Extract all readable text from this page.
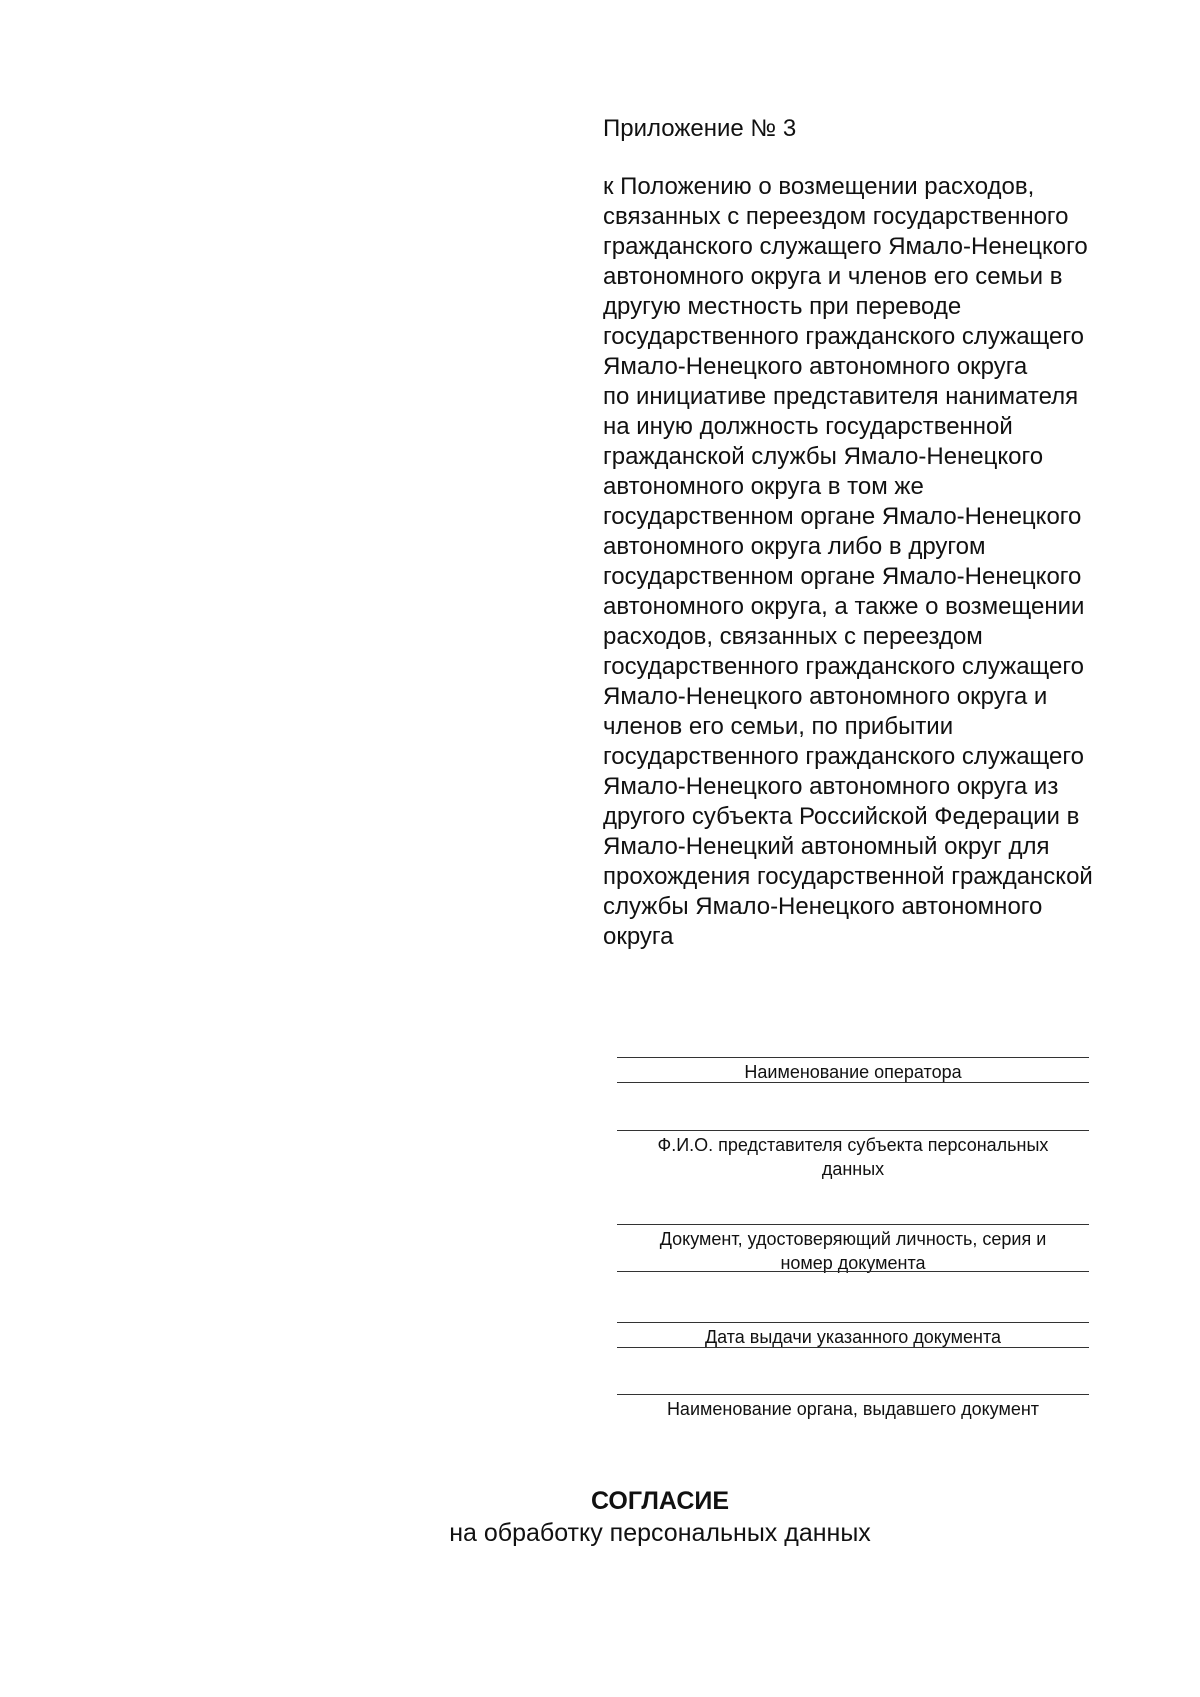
Приложение № 3
к Положению о возмещении расходов,
связанных с переездом государственного
гражданского служащего Ямало-Ненецкого
автономного округа и членов его семьи в
другую местность при переводе
государственного гражданского служащего
Ямало-Ненецкого автономного округа
по инициативе представителя нанимателя
на иную должность государственной
гражданской службы Ямало-Ненецкого
автономного округа в том же
государственном органе Ямало-Ненецкого
автономного округа либо в другом
государственном органе Ямало-Ненецкого
автономного округа, а также о возмещении
расходов, связанных с переездом
государственного гражданского служащего
Ямало-Ненецкого автономного округа и
членов его семьи, по прибытии
государственного гражданского служащего
Ямало-Ненецкого автономного округа из
другого субъекта Российской Федерации в
Ямало-Ненецкий автономный округ для
прохождения государственной гражданской
службы Ямало-Ненецкого автономного
округа
Наименование оператора
Ф.И.О. представителя субъекта персональных
данных
Документ, удостоверяющий личность, серия и
номер документа
Дата выдачи указанного документа
Наименование органа, выдавшего документ
СОГЛАСИЕ
на обработку персональных данных
